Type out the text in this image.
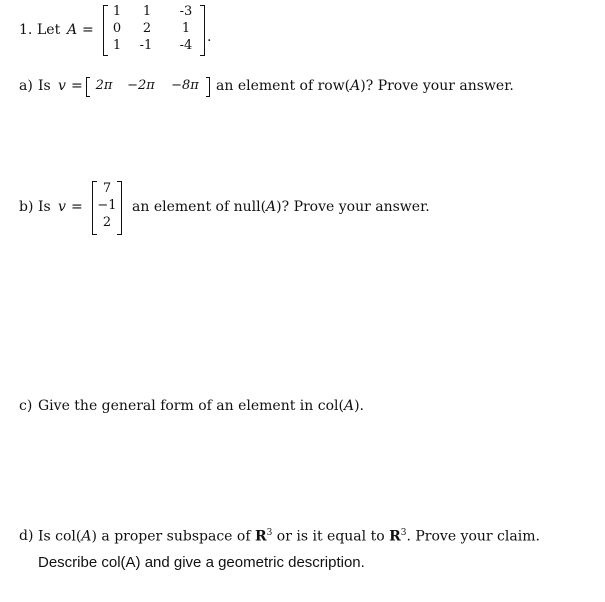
1. Let A =
1 1	-3
0 2	1
1	-1	-4
.
a) Is v = 2π −2π	−8π	an element of row(A)? Prove your answer.
b) Is v =
7
−1
2
an element of null(A)? Prove your answer.
c) Give the general form of an element in col(A).
d) Is col(A) a proper subspace of $R^3$ or is it equal to $R^3$. Prove your claim.
Describe col(A) and give a geometric description.
